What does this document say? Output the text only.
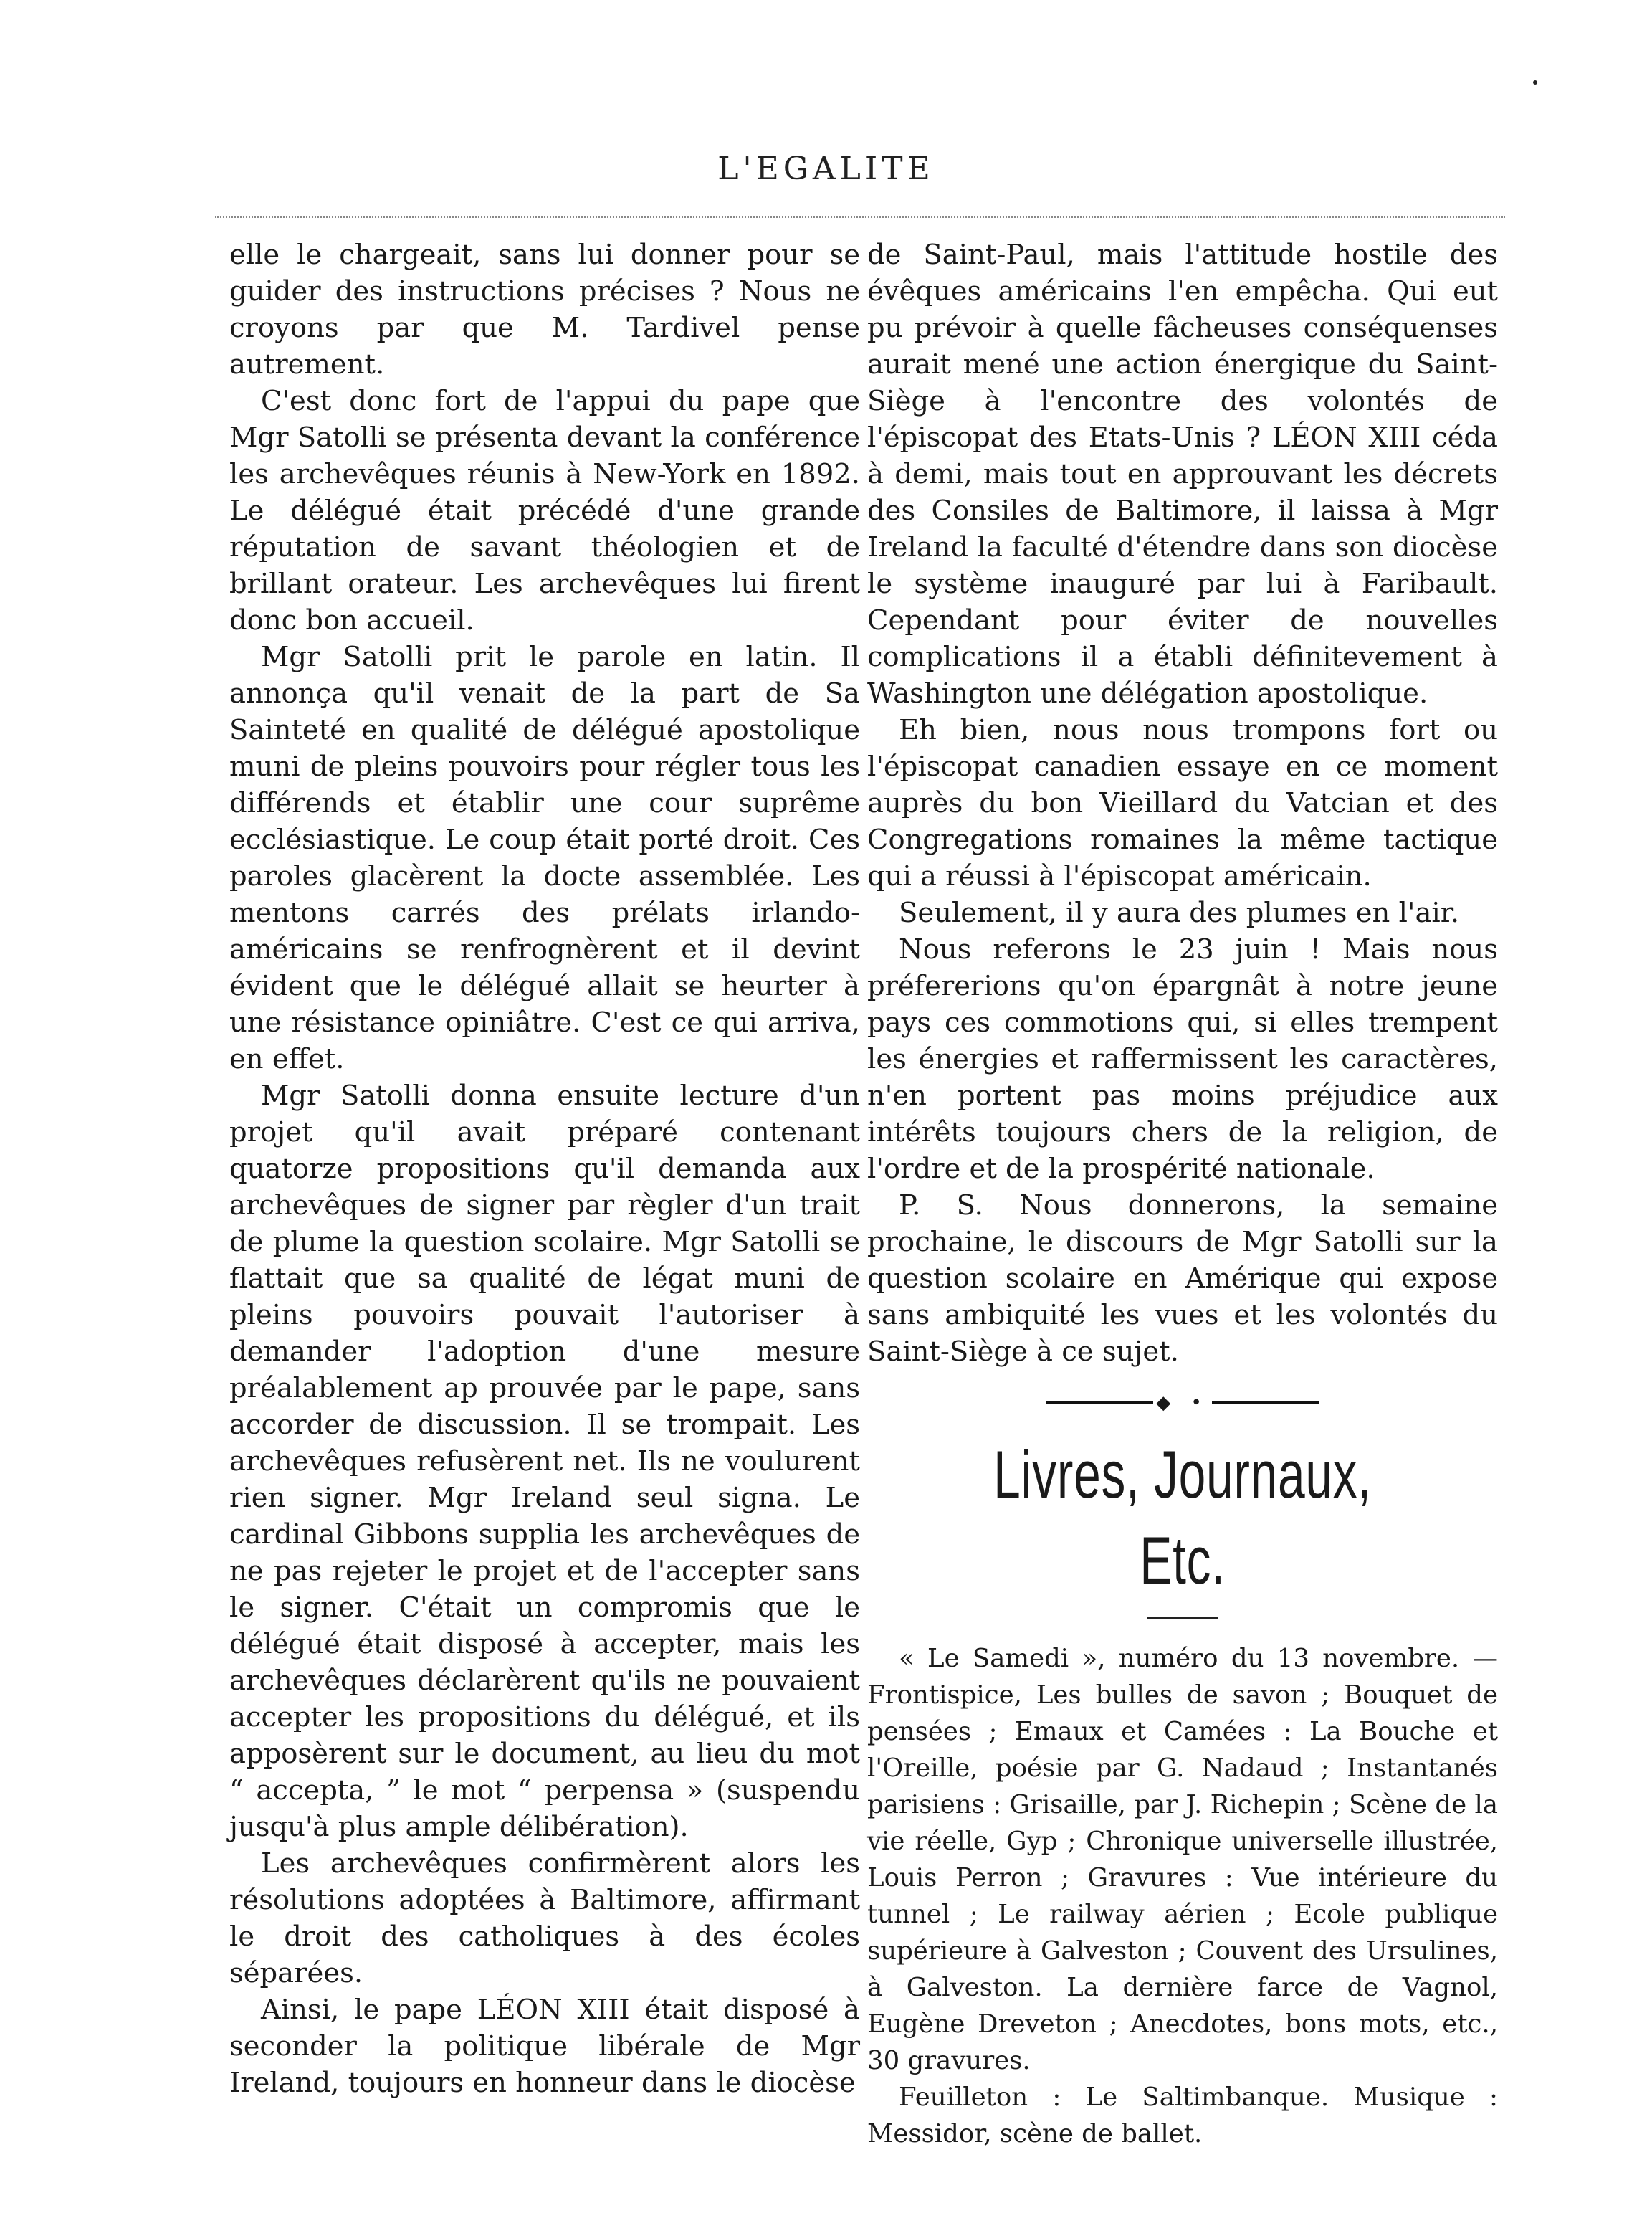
L'EGALITE

elle le chargeait, sans lui donner pour se guider des instructions précises ? Nous ne croyons par que M. Tardivel pense autrement.

C'est donc fort de l'appui du pape que Mgr Satolli se présenta devant la conférence les archevêques réunis à New-York en 1892. Le délégué était précédé d'une grande réputation de savant théologien et de brillant orateur. Les archevêques lui firent donc bon accueil.

Mgr Satolli prit le parole en latin. Il annonça qu'il venait de la part de Sa Sainteté en qualité de délégué apostolique muni de pleins pouvoirs pour régler tous les différends et établir une cour suprême ecclésiastique. Le coup était porté droit. Ces paroles glacèrent la docte assemblée. Les mentons carrés des prélats irlando-américains se renfrognèrent et il devint évident que le délégué allait se heurter à une résistance opiniâtre. C'est ce qui arriva, en effet.

Mgr Satolli donna ensuite lecture d'un projet qu'il avait préparé contenant quatorze propositions qu'il demanda aux archevêques de signer par règler d'un trait de plume la question scolaire. Mgr Satolli se flattait que sa qualité de légat muni de pleins pouvoirs pouvait l'autoriser à demander l'adoption d'une mesure préalablement ap prouvée par le pape, sans accorder de discussion. Il se trompait. Les archevêques refusèrent net. Ils ne voulurent rien signer. Mgr Ireland seul signa. Le cardinal Gibbons supplia les archevêques de ne pas rejeter le projet et de l'accepter sans le signer. C'était un compromis que le délégué était disposé à accepter, mais les archevêques déclarèrent qu'ils ne pouvaient accepter les propositions du délégué, et ils apposèrent sur le document, au lieu du mot “ accepta, ” le mot “ perpensa » (suspendu jusqu'à plus ample délibération).

Les archevêques confirmèrent alors les résolutions adoptées à Baltimore, affirmant le droit des catholiques à des écoles séparées.

Ainsi, le pape LÉON XIII était disposé à seconder la politique libérale de Mgr Ireland, toujours en honneur dans le diocèse

de Saint-Paul, mais l'attitude hostile des évêques américains l'en empêcha. Qui eut pu prévoir à quelle fâcheuses conséquenses aurait mené une action énergique du Saint-Siège à l'encontre des volontés de l'épiscopat des Etats-Unis ? LÉON XIII céda à demi, mais tout en approuvant les décrets des Consiles de Baltimore, il laissa à Mgr Ireland la faculté d'étendre dans son diocèse le système inauguré par lui à Faribault. Cependant pour éviter de nouvelles complications il a établi définitevement à Washington une délégation apostolique.

Eh bien, nous nous trompons fort ou l'épiscopat canadien essaye en ce moment auprès du bon Vieillard du Vatcian et des Congregations romaines la même tactique qui a réussi à l'épiscopat américain.

Seulement, il y aura des plumes en l'air.

Nous referons le 23 juin ! Mais nous préfererions qu'on épargnât à notre jeune pays ces commotions qui, si elles trempent les énergies et raffermissent les caractères, n'en portent pas moins préjudice aux intérêts toujours chers de la religion, de l'ordre et de la prospérité nationale.

P. S. Nous donnerons, la semaine prochaine, le discours de Mgr Satolli sur la question scolaire en Amérique qui expose sans ambiquité les vues et les volontés du Saint-Siège à ce sujet.

◆ •
Livres, Journaux, Etc.

« Le Samedi », numéro du 13 novembre. — Frontispice, Les bulles de savon ; Bouquet de pensées ; Emaux et Camées : La Bouche et l'Oreille, poésie par G. Nadaud ; Instantanés parisiens : Grisaille, par J. Richepin ; Scène de la vie réelle, Gyp ; Chronique universelle illustrée, Louis Perron ; Gravures : Vue intérieure du tunnel ; Le railway aérien ; Ecole publique supérieure à Galveston ; Couvent des Ursulines, à Galveston. La dernière farce de Vagnol, Eugène Dreveton ; Anecdotes, bons mots, etc., 30 gravures.

Feuilleton : Le Saltimbanque. Musique : Messidor, scène de ballet.
